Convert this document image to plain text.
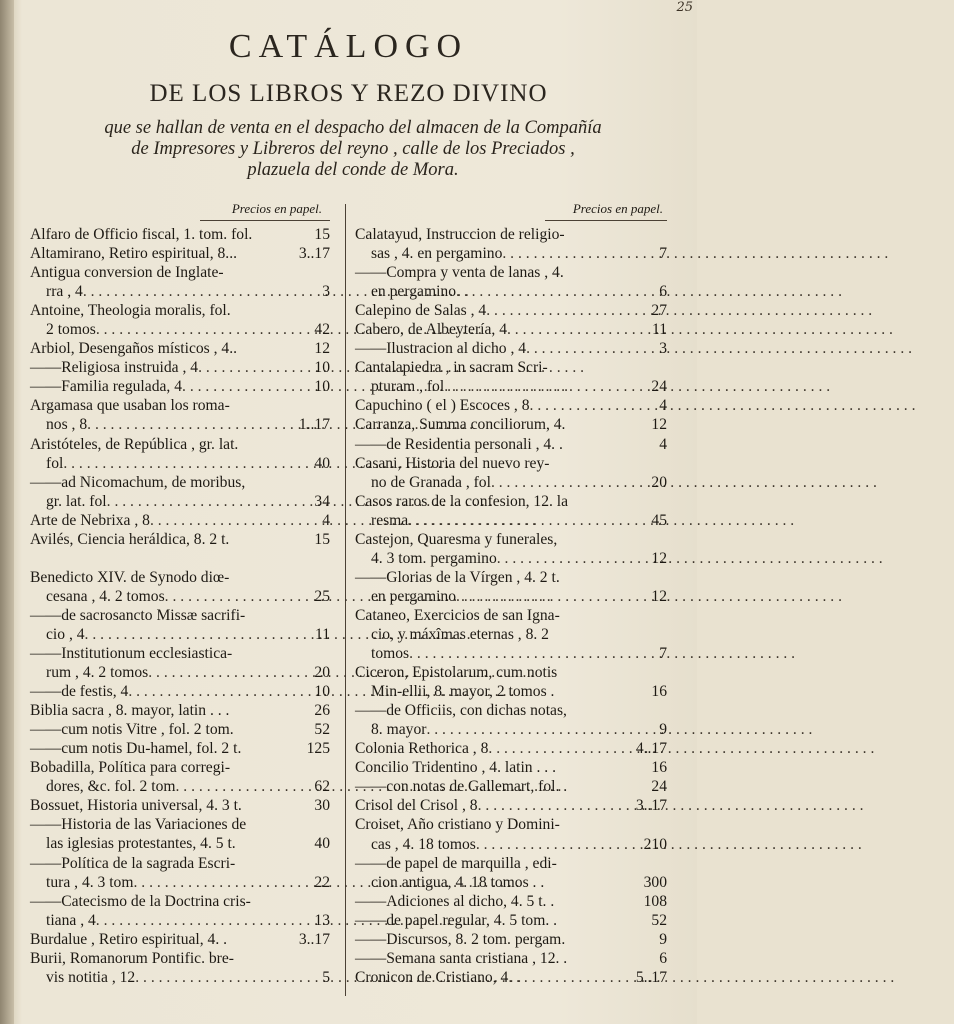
25
CATÁLOGO
DE LOS LIBROS Y REZO DIVINO
que se hallan de venta en el despacho del almacen de la Compañía
de Impresores y Libreros del reyno , calle de los Preciados ,
plazuela del conde de Mora.
Precios en papel.
Alfaro de Officio fiscal, 1. tom. fol.	15
Altamirano, Retiro espiritual, 8...	3..17
Antigua conversion de Inglate-
rra , 4 . . .	3
Antoine, Theologia moralis, fol.
2 tomos . . .	42
Arbiol, Desengaños místicos , 4..	12
——Religiosa instruida , 4 . . .	10
——Familia regulada, 4 . . .	10
Argamasa que usaban los roma-
nos , 8 . . .	1..17
Aristóteles, de República , gr. lat.
fol . . .	40
——ad Nicomachum, de moribus,
gr. lat. fol . . .	34
Arte de Nebrixa , 8 . . .	4
Avilés, Ciencia heráldica, 8. 2 t.	15
Benedicto XIV. de Synodo diœ-
cesana , 4. 2 tomos . . .	25
——de sacrosancto Missæ sacrifi-
cio , 4 . . .	11
——Institutionum ecclesiastica-
rum , 4. 2 tomos . . .	20
——de festis, 4 . . .	10
Biblia sacra , 8. mayor, latin . . .	26
——cum notis Vitre , fol. 2 tom.	52
——cum notis Du-hamel, fol. 2 t.	125
Bobadilla, Política para corregi-
dores, &c. fol. 2 tom . . .	62
Bossuet, Historia universal, 4. 3 t.	30
——Historia de las Variaciones de
las iglesias protestantes, 4. 5 t.	40
——Política de la sagrada Escri-
tura , 4. 3 tom . . .	22
——Catecismo de la Doctrina cris-
tiana , 4 . . .	13
Burdalue , Retiro espiritual, 4. .	3..17
Burii, Romanorum Pontific. bre-
vis notitia , 12 . . .	5
Precios en papel.
Calatayud, Instruccion de religio-
sas , 4. en pergamino . . .	7
——Compra y venta de lanas , 4.
en pergamino . . .	6
Calepino de Salas , 4 . . .	27
Cabero, de Albeytería, 4 . . .	11
——Ilustracion al dicho , 4 . . .	3
Cantalapiedra , in sacram Scri-
pturam , fol . . .	24
Capuchino ( el ) Escoces , 8 . . .	4
Carranza, Summa conciliorum, 4.	12
——de Residentia personali , 4. .	4
Casani, Historia del nuevo rey-
no de Granada , fol . . .	20
Casos raros de la confesion, 12. la
resma . . .	45
Castejon, Quaresma y funerales,
4. 3 tom. pergamino . . .	12
——Glorias de la Vírgen , 4. 2 t.
en pergamino . . .	12
Cataneo, Exercicios de san Igna-
cio, y máxîmas eternas , 8. 2
tomos . . .	7
Ciceron, Epistolarum, cum notis
Min-ellii, 8. mayor, 2 tomos .	16
——de Officiis, con dichas notas,
8. mayor . . .	9
Colonia Rethorica , 8 . . .	4..17
Concilio Tridentino , 4. latin . . .	16
——con notas de Gallemart, fol. .	24
Crisol del Crisol , 8 . . .	3..17
Croiset, Año cristiano y Domini-
cas , 4. 18 tomos . . .	210
——de papel de marquilla , edi-
cion antigua, 4. 18 tomos . .	300
——Adiciones al dicho, 4. 5 t. .	108
——de papel regular, 4. 5 tom. .	52
——Discursos, 8. 2 tom. pergam.	9
——Semana santa cristiana , 12. .	6
Cronicon de Cristiano, 4 . . .	5..17
